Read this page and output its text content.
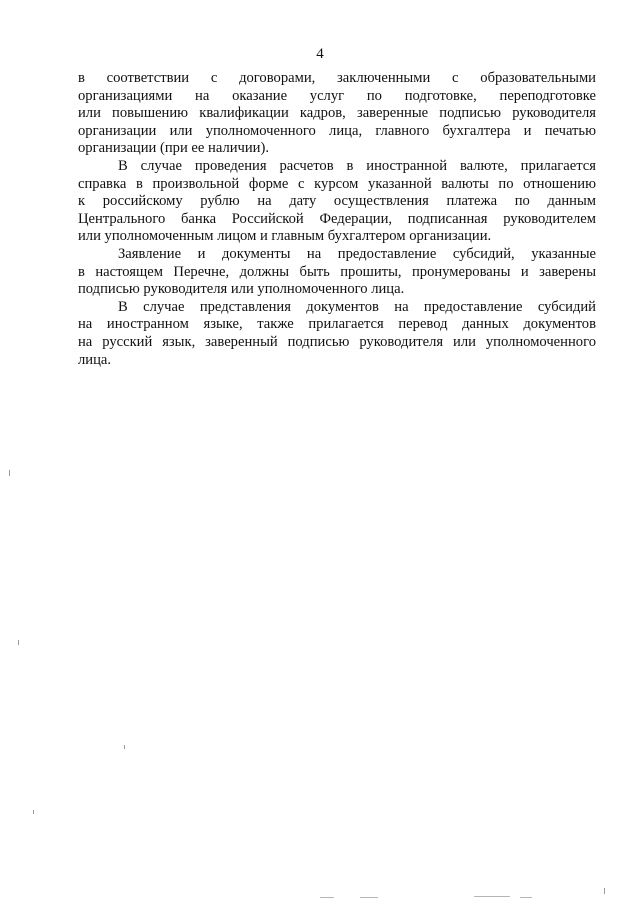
4

в соответствии с договорами, заключенными с образовательными
организациями на оказание услуг по подготовке, переподготовке
или повышению квалификации кадров, заверенные подписью руководителя
организации или уполномоченного лица, главного бухгалтера и печатью
организации (при ее наличии).

В случае проведения расчетов в иностранной валюте, прилагается
справка в произвольной форме с курсом указанной валюты по отношению
к российскому рублю на дату осуществления платежа по данным
Центрального банка Российской Федерации, подписанная руководителем
или уполномоченным лицом и главным бухгалтером организации.

Заявление и документы на предоставление субсидий, указанные
в настоящем Перечне, должны быть прошиты, пронумерованы и заверены
подписью руководителя или уполномоченного лица.

В случае представления документов на предоставление субсидий
на иностранном языке, также прилагается перевод данных документов
на русский язык, заверенный подписью руководителя или уполномоченного
лица.
